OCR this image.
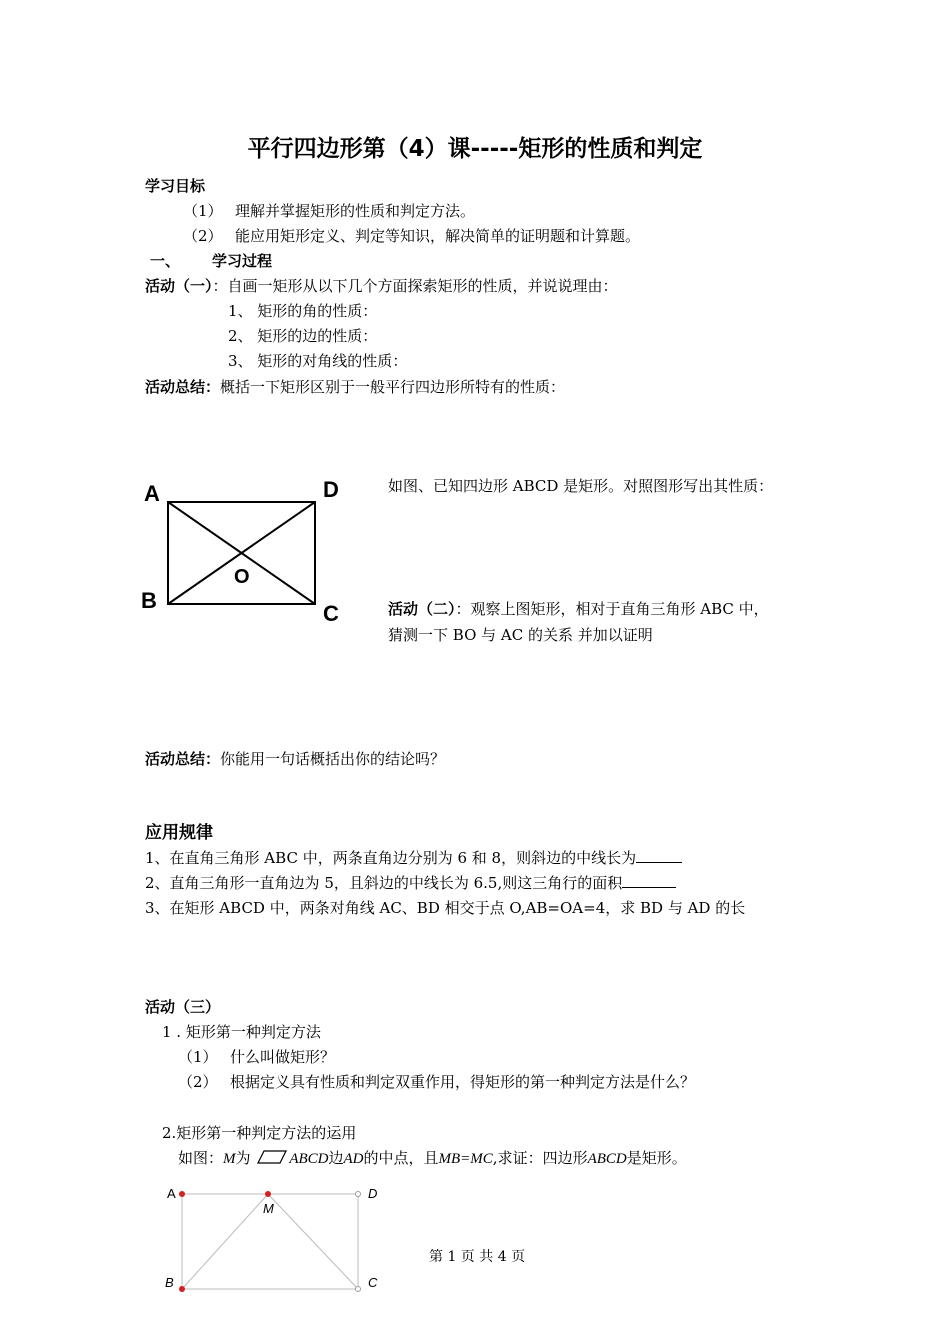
平行四边形第（4）课-----矩形的性质和判定
学习目标
（1） 理解并掌握矩形的性质和判定方法。
（2） 能应用矩形定义、判定等知识，解决简单的证明题和计算题。
一、 学习过程
活动（一）：自画一矩形从以下几个方面探索矩形的性质，并说说理由：
1、 矩形的角的性质：
2、 矩形的边的性质：
3、 矩形的对角线的性质：
活动总结：概括一下矩形区别于一般平行四边形所特有的性质：
A	D
B
C
O
如图、已知四边形 ABCD 是矩形。对照图形写出其性质：
活动（二）：观察上图矩形，相对于直角三角形 ABC 中，
猜测一下 BO 与 AC 的关系 并加以证明
活动总结：你能用一句话概括出你的结论吗？
应用规律
1、在直角三角形 ABC 中，两条直角边分别为 6 和 8，则斜边的中线长为
2、直角三角形一直角边为 5，且斜边的中线长为 6.5,则这三角行的面积
3、在矩形 ABCD 中，两条对角线 AC、BD 相交于点 O,AB=OA=4，求 BD 与 AD 的长
活动（三）
1 . 矩形第一种判定方法
（1） 什么叫做矩形？
（2） 根据定义具有性质和判定双重作用，得矩形的第一种判定方法是什么？
2.矩形第一种判定方法的运用
如图：M为	ABCD边AD的中点，且MB=MC,求证：四边形ABCD是矩形。
A
M
D
B	C
第 1 页 共 4 页
